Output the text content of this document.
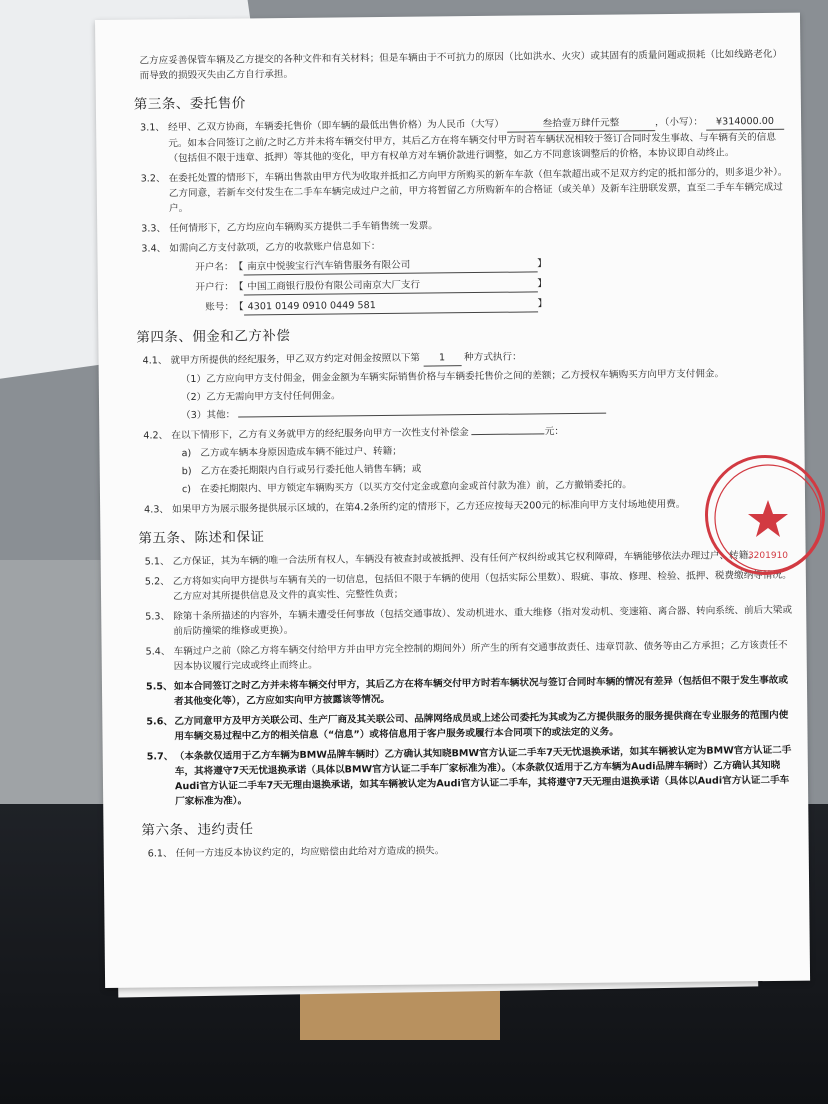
乙方应妥善保管车辆及乙方提交的各种文件和有关材料；但是车辆由于不可抗力的原因（比如洪水、火灾）或其固有的质量问题或损耗（比如线路老化）而导致的损毁灭失由乙方自行承担。

第三条、委托售价
3.1、 经甲、乙双方协商，车辆委托售价（即车辆的最低出售价格）为人民币（大写）	叁拾壹万肆仟元整	，（小写）： ¥314000.00元。如本合同签订之前/之时乙方并未将车辆交付甲方，其后乙方在将车辆交付甲方时若车辆状况相较于签订合同时发生事故、与车辆有关的信息（包括但不限于违章、抵押）等其他的变化，甲方有权单方对车辆价款进行调整，如乙方不同意该调整后的价格，本协议即自动终止。
3.2、 在委托处置的情形下，车辆出售款由甲方代为收取并抵扣乙方向甲方所购买的新车车款（但车款超出或不足双方约定的抵扣部分的，则多退少补）。乙方同意，若新车交付发生在二手车车辆完成过户之前，甲方将暂留乙方所购新车的合格证（或关单）及新车注册联发票，直至二手车车辆完成过户。
3.3、 任何情形下，乙方均应向车辆购买方提供二手车销售统一发票。
3.4、 如需向乙方支付款项，乙方的收款账户信息如下：
开户名：【 南京中悦骏宝行汽车销售服务有限公司	】
开户行：【 中国工商银行股份有限公司南京大厂支行	】
账号：【 4301 0149 0910 0449 581	】
第四条、佣金和乙方补偿
4.1、 就甲方所提供的经纪服务，甲乙双方约定对佣金按照以下第 1 种方式执行：
（1）乙方应向甲方支付佣金，佣金金额为车辆实际销售价格与车辆委托售价之间的差额；乙方授权车辆购买方向甲方支付佣金。
（2）乙方无需向甲方支付任何佣金。
（3）其他：
4.2、 在以下情形下，乙方有义务就甲方的经纪服务向甲方一次性支付补偿金	元：
a) 乙方或车辆本身原因造成车辆不能过户、转籍；
b) 乙方在委托期限内自行或另行委托他人销售车辆；或
c) 在委托期限内、甲方锁定车辆购买方（以买方交付定金或意向金或首付款为准）前，乙方撤销委托的。
4.3、 如果甲方为展示服务提供展示区域的，在第4.2条所约定的情形下，乙方还应按每天200元的标准向甲方支付场地使用费。
第五条、陈述和保证
5.1、 乙方保证，其为车辆的唯一合法所有权人，车辆没有被查封或被抵押、没有任何产权纠纷或其它权利障碍，车辆能够依法办理过户、转籍。
5.2、 乙方将如实向甲方提供与车辆有关的一切信息，包括但不限于车辆的使用（包括实际公里数）、瑕疵、事故、修理、检验、抵押、税费缴纳等情况。乙方应对其所提供信息及文件的真实性、完整性负责；
5.3、 除第十条所描述的内容外，车辆未遭受任何事故（包括交通事故）、发动机进水、重大维修（指对发动机、变速箱、离合器、转向系统、前后大梁或前后防撞梁的维修或更换）。
5.4、 车辆过户之前（除乙方将车辆交付给甲方并由甲方完全控制的期间外）所产生的所有交通事故责任、违章罚款、债务等由乙方承担；乙方该责任不因本协议履行完成或终止而终止。
5.5、 如本合同签订之时乙方并未将车辆交付甲方，其后乙方在将车辆交付甲方时若车辆状况与签订合同时车辆的情况有差异（包括但不限于发生事故或者其他变化等），乙方应如实向甲方披露该等情况。
5.6、 乙方同意甲方及甲方关联公司、生产厂商及其关联公司、品牌网络成员或上述公司委托为其或为乙方提供服务的服务提供商在专业服务的范围内使用车辆交易过程中乙方的相关信息（“信息”）或将信息用于客户服务或履行本合同项下的或法定的义务。
5.7、 （本条款仅适用于乙方车辆为BMW品牌车辆时）乙方确认其知晓BMW官方认证二手车7天无忧退换承诺，如其车辆被认定为BMW官方认证二手车，其将遵守7天无忧退换承诺（具体以BMW官方认证二手车厂家标准为准）。（本条款仅适用于乙方车辆为Audi品牌车辆时）乙方确认其知晓Audi官方认证二手车7天无理由退换承诺，如其车辆被认定为Audi官方认证二手车，其将遵守7天无理由退换承诺（具体以Audi官方认证二手车厂家标准为准）。
第六条、违约责任
6.1、 任何一方违反本协议约定的，均应赔偿由此给对方造成的损失。
3201910
